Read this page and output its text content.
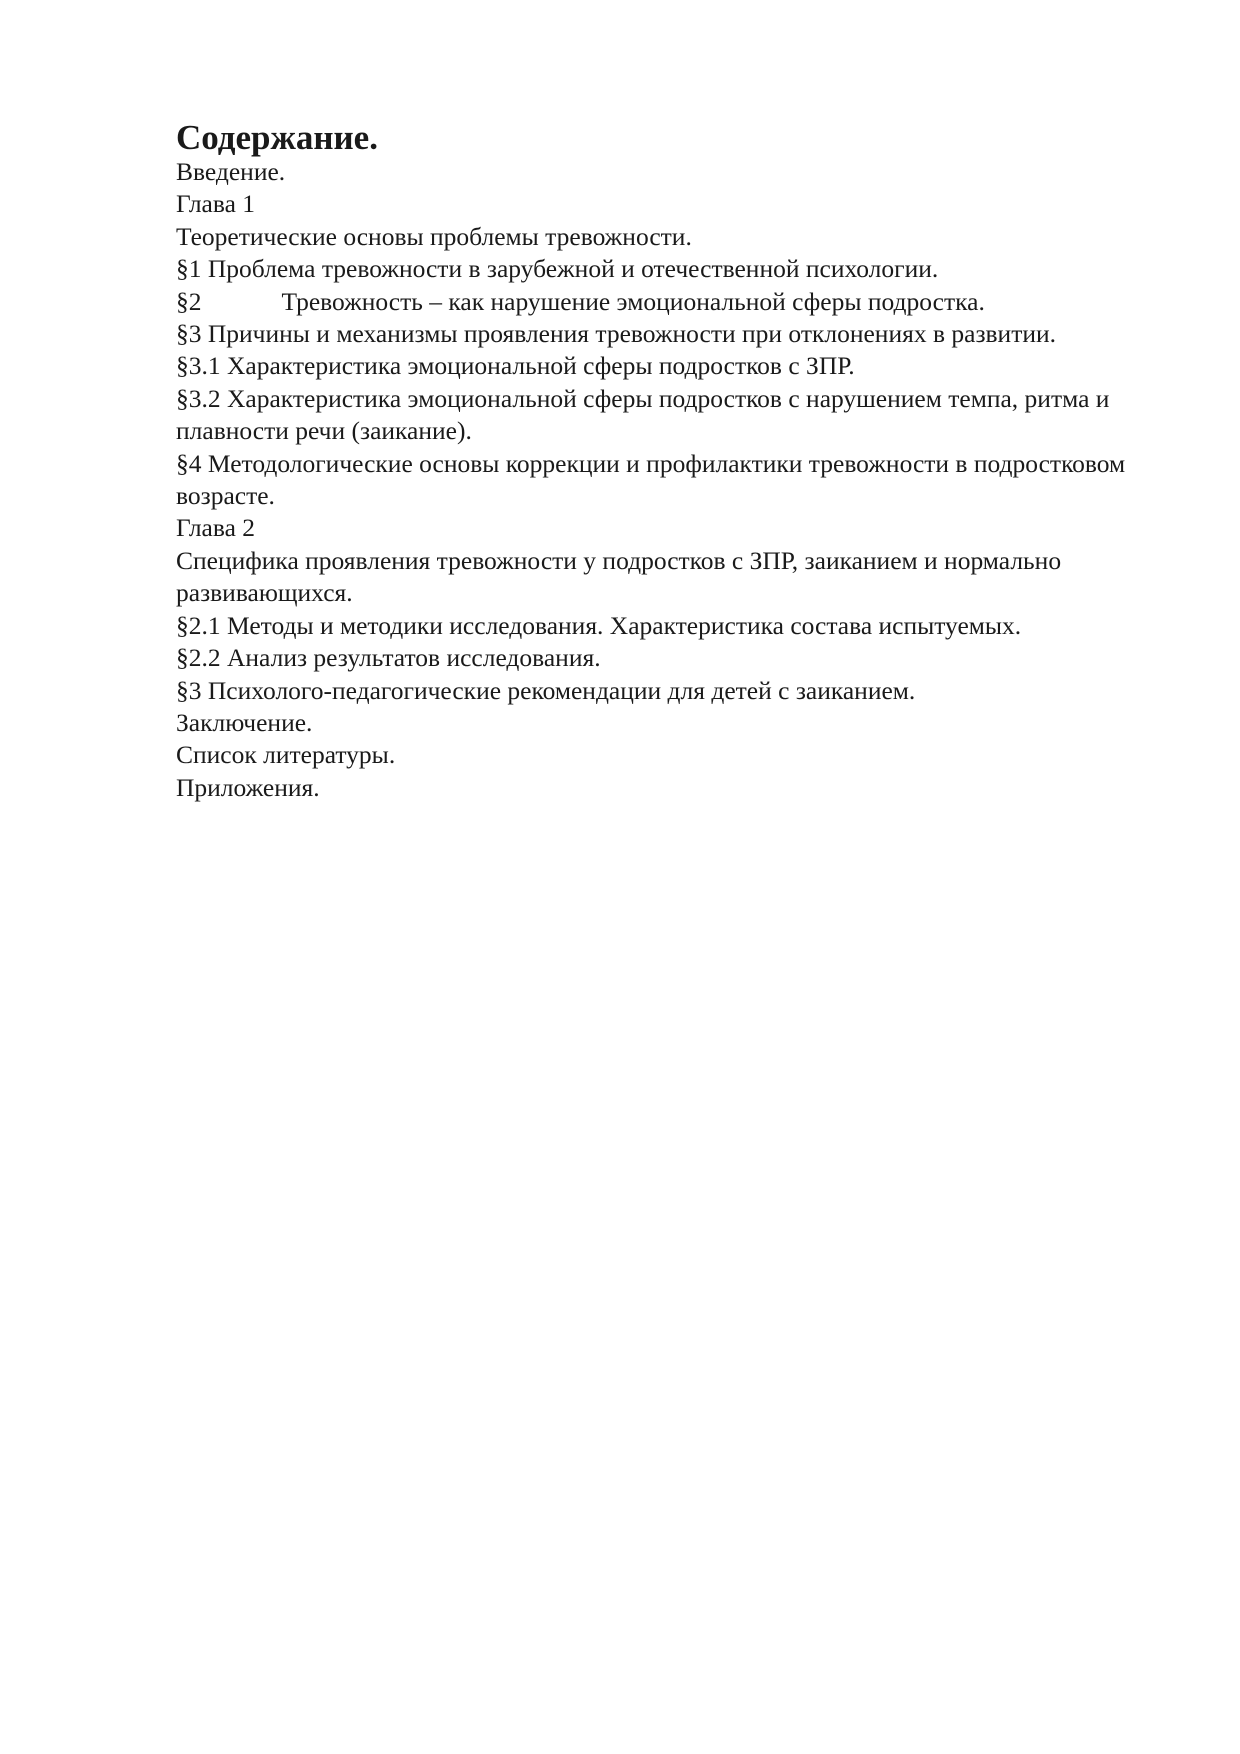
Содержание.
Введение.
Глава 1
Теоретические основы проблемы тревожности.
§1 Проблема тревожности в зарубежной и отечественной психологии.
§2	Тревожность – как нарушение эмоциональной сферы подростка.
§3 Причины и механизмы проявления тревожности при отклонениях в развитии.
§3.1 Характеристика эмоциональной сферы подростков с ЗПР.
§3.2 Характеристика эмоциональной сферы подростков с нарушением темпа, ритма и плавности речи (заикание).
§4 Методологические основы коррекции и профилактики тревожности в подростковом возрасте.
Глава 2
Специфика проявления тревожности у подростков с ЗПР, заиканием и нормально развивающихся.
§2.1 Методы и методики исследования. Характеристика состава испытуемых.
§2.2 Анализ результатов исследования.
§3 Психолого-педагогические рекомендации для детей с заиканием.
Заключение.
Список литературы.
Приложения.
